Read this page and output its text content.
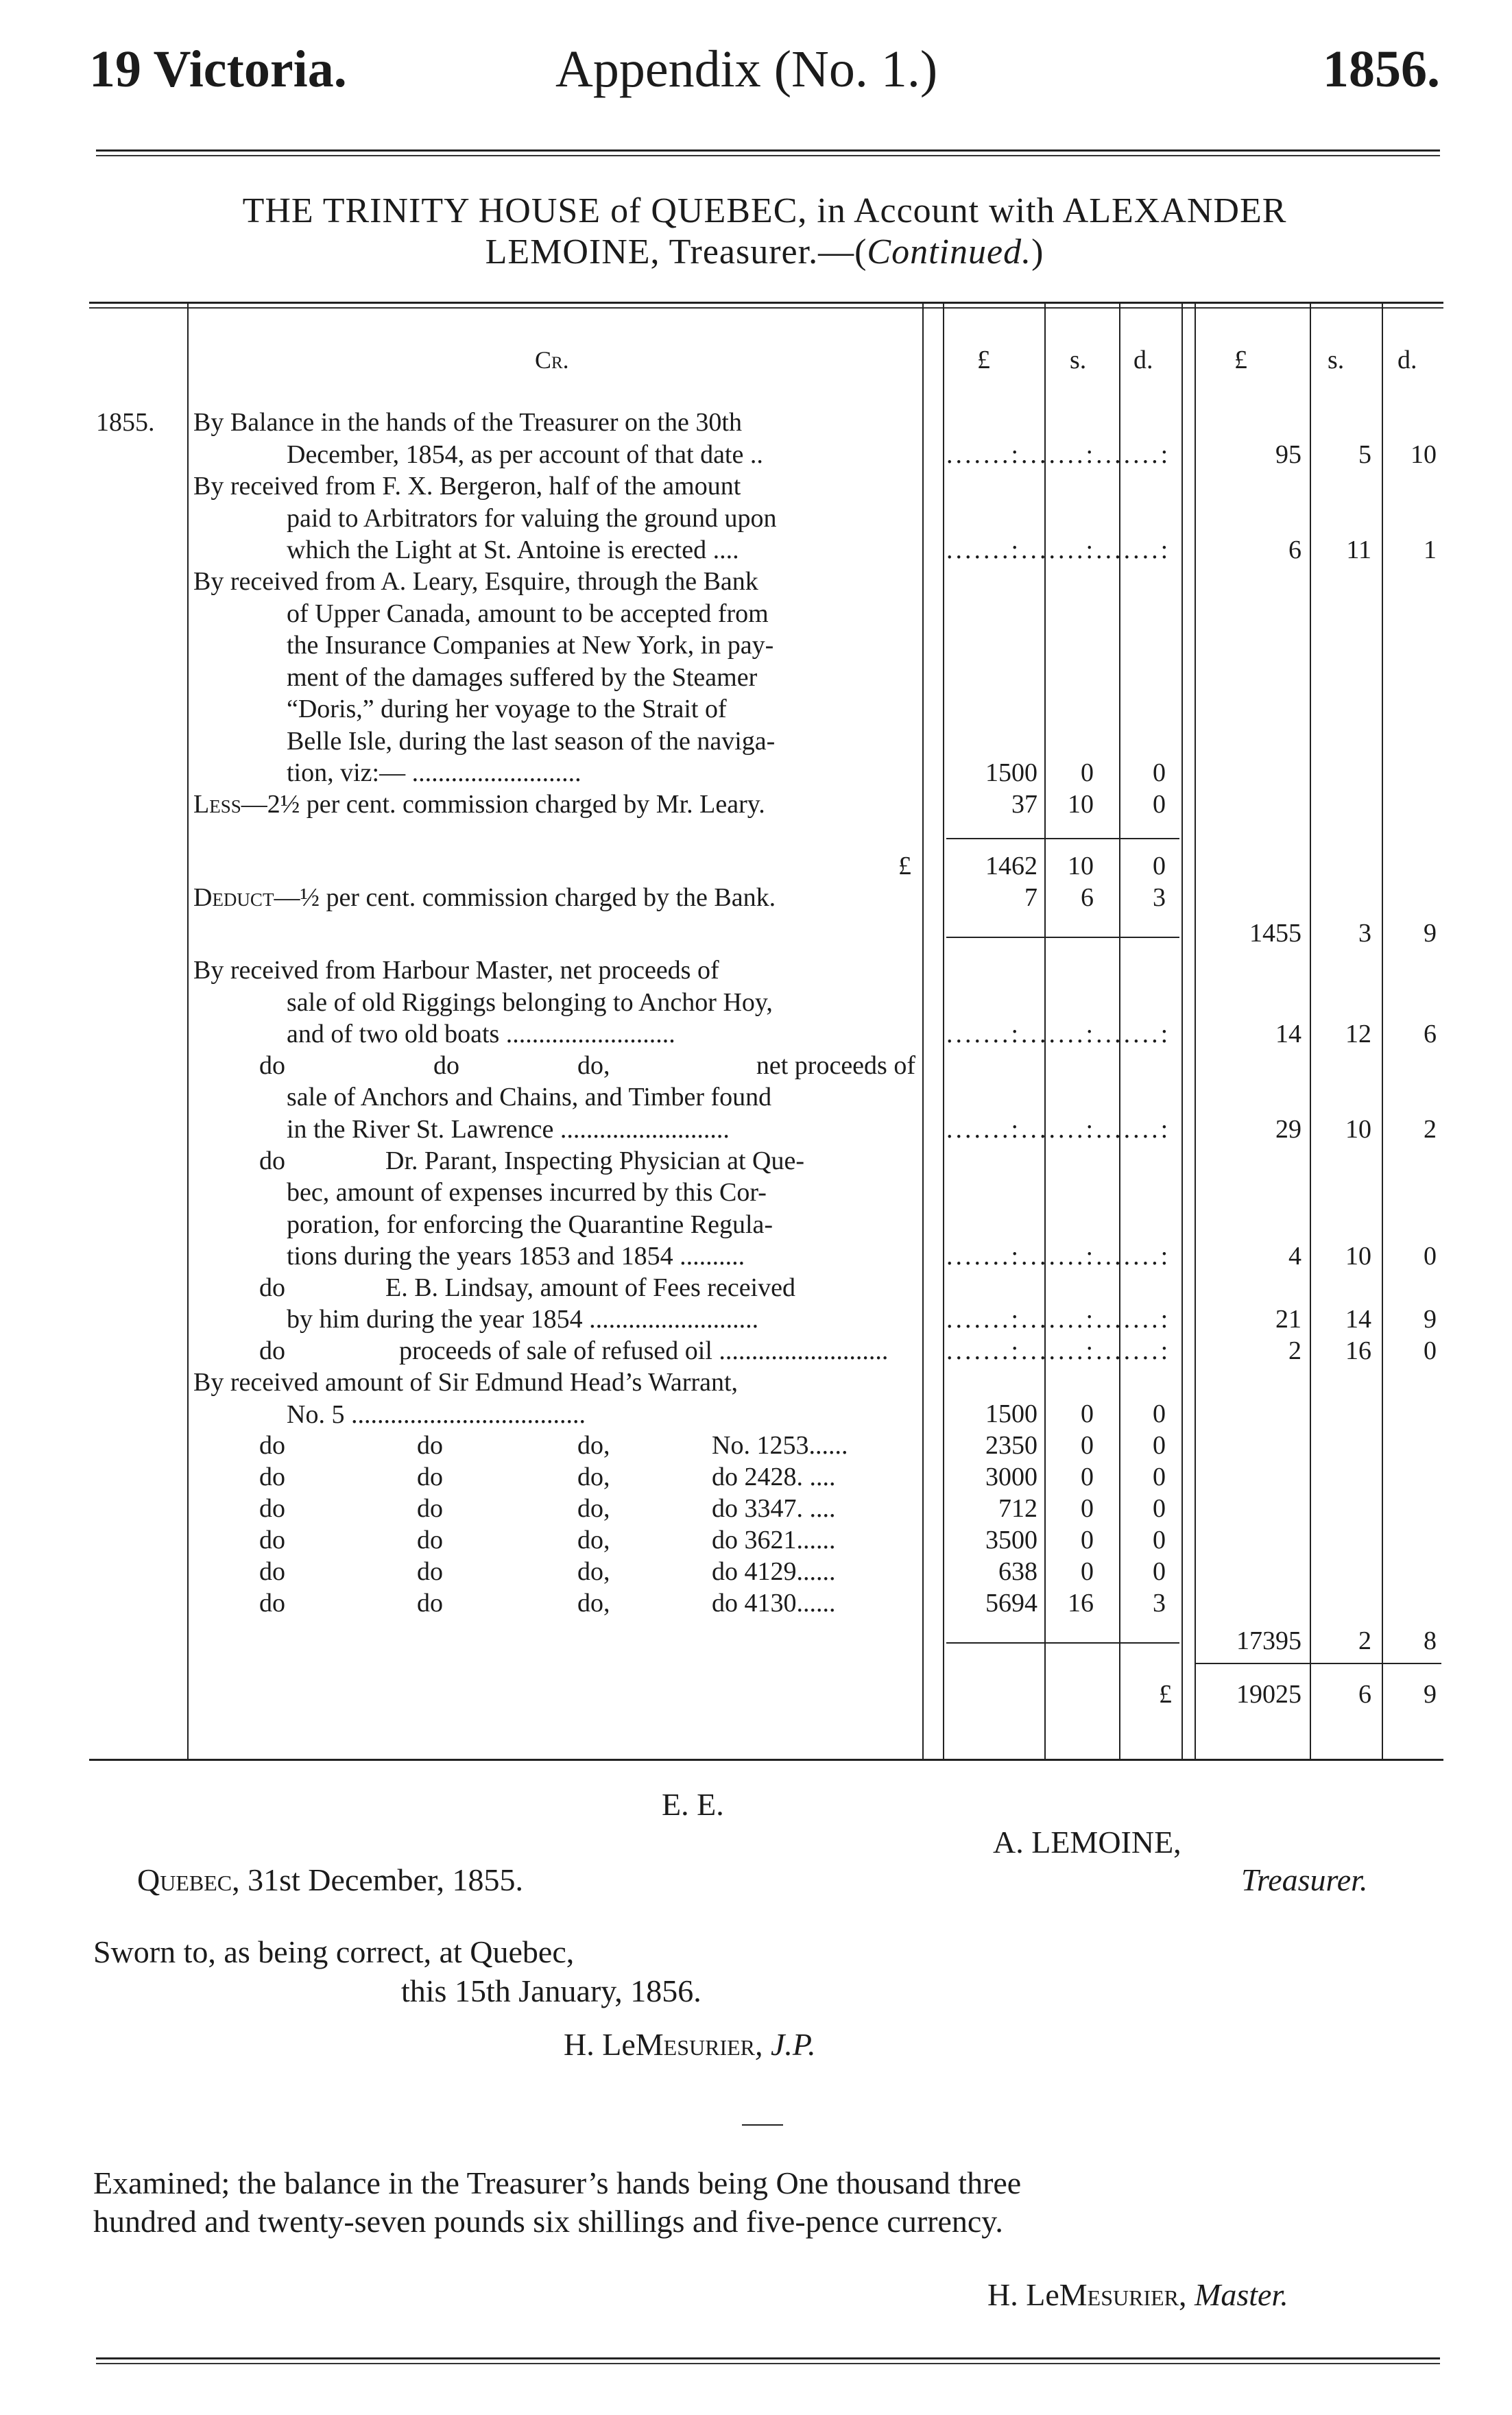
19 Victoria.	Appendix (No. 1.)	1856.
THE TRINITY HOUSE of QUEBEC, in Account with ALEXANDER
LEMOINE, Treasurer.—(Continued.)
Cr.	£	s. d.	£	s. d.
1855. By Balance in the hands of the Treasurer on the 30th
December, 1854, as per account of that date ..	.......:.......:.......:	95	5	10
By received from F. X. Bergeron, half of the amount
paid to Arbitrators for valuing the ground upon
which the Light at St. Antoine is erected ....	.......:.......:.......:	6	11	1
By received from A. Leary, Esquire, through the Bank
of Upper Canada, amount to be accepted from
the Insurance Companies at New York, in pay-
ment of the damages suffered by the Steamer
“Doris,” during her voyage to the Strait of
Belle Isle, during the last season of the naviga-
tion, viz:— ..........................	1500	0	0
Less—2½ per cent. commission charged by Mr. Leary.	37	10	0
£	1462	10	0
Deduct—½ per cent. commission charged by the Bank.	7	6	3
1455	3	9
By received from Harbour Master, net proceeds of
sale of old Riggings belonging to Anchor Hoy,
and of two old boats ..........................	.......:.......:.......:	14	12	6
do	do	do,	net proceeds of
sale of Anchors and Chains, and Timber found
in the River St. Lawrence ..........................	.......:.......:.......:	29	10	2
do	Dr. Parant, Inspecting Physician at Que-
bec, amount of expenses incurred by this Cor-
poration, for enforcing the Quarantine Regula-
tions during the years 1853 and 1854 ..........	.......:.......:.......:	4	10	0
do	E. B. Lindsay, amount of Fees received
by him during the year 1854 ..........................	.......:.......:.......:	21	14	9
do	proceeds of sale of refused oil .......................... .......:.......:.......:	2	16	0
By received amount of Sir Edmund Head’s Warrant,
No. 5 ....................................	1500	0	0
do	do	do,	No. 1253......	2350	0	0
do	do	do,	do 2428. ....	3000	0	0
do	do	do,	do 3347. ....	712	0	0
do	do	do,	do 3621......	3500	0	0
do	do	do,	do 4129......	638	0	0
do	do	do,	do 4130......	5694	16	3
17395	2	8
£	19025	6	9
E. E.
A. LEMOINE,
Treasurer.
Quebec, 31st December, 1855.
Sworn to, as being correct, at Quebec,
this 15th January, 1856.
H. LeMesurier, J.P.
Examined; the balance in the Treasurer’s hands being One thousand three
hundred and twenty-seven pounds six shillings and five-pence currency.
H. LeMesurier, Master.
